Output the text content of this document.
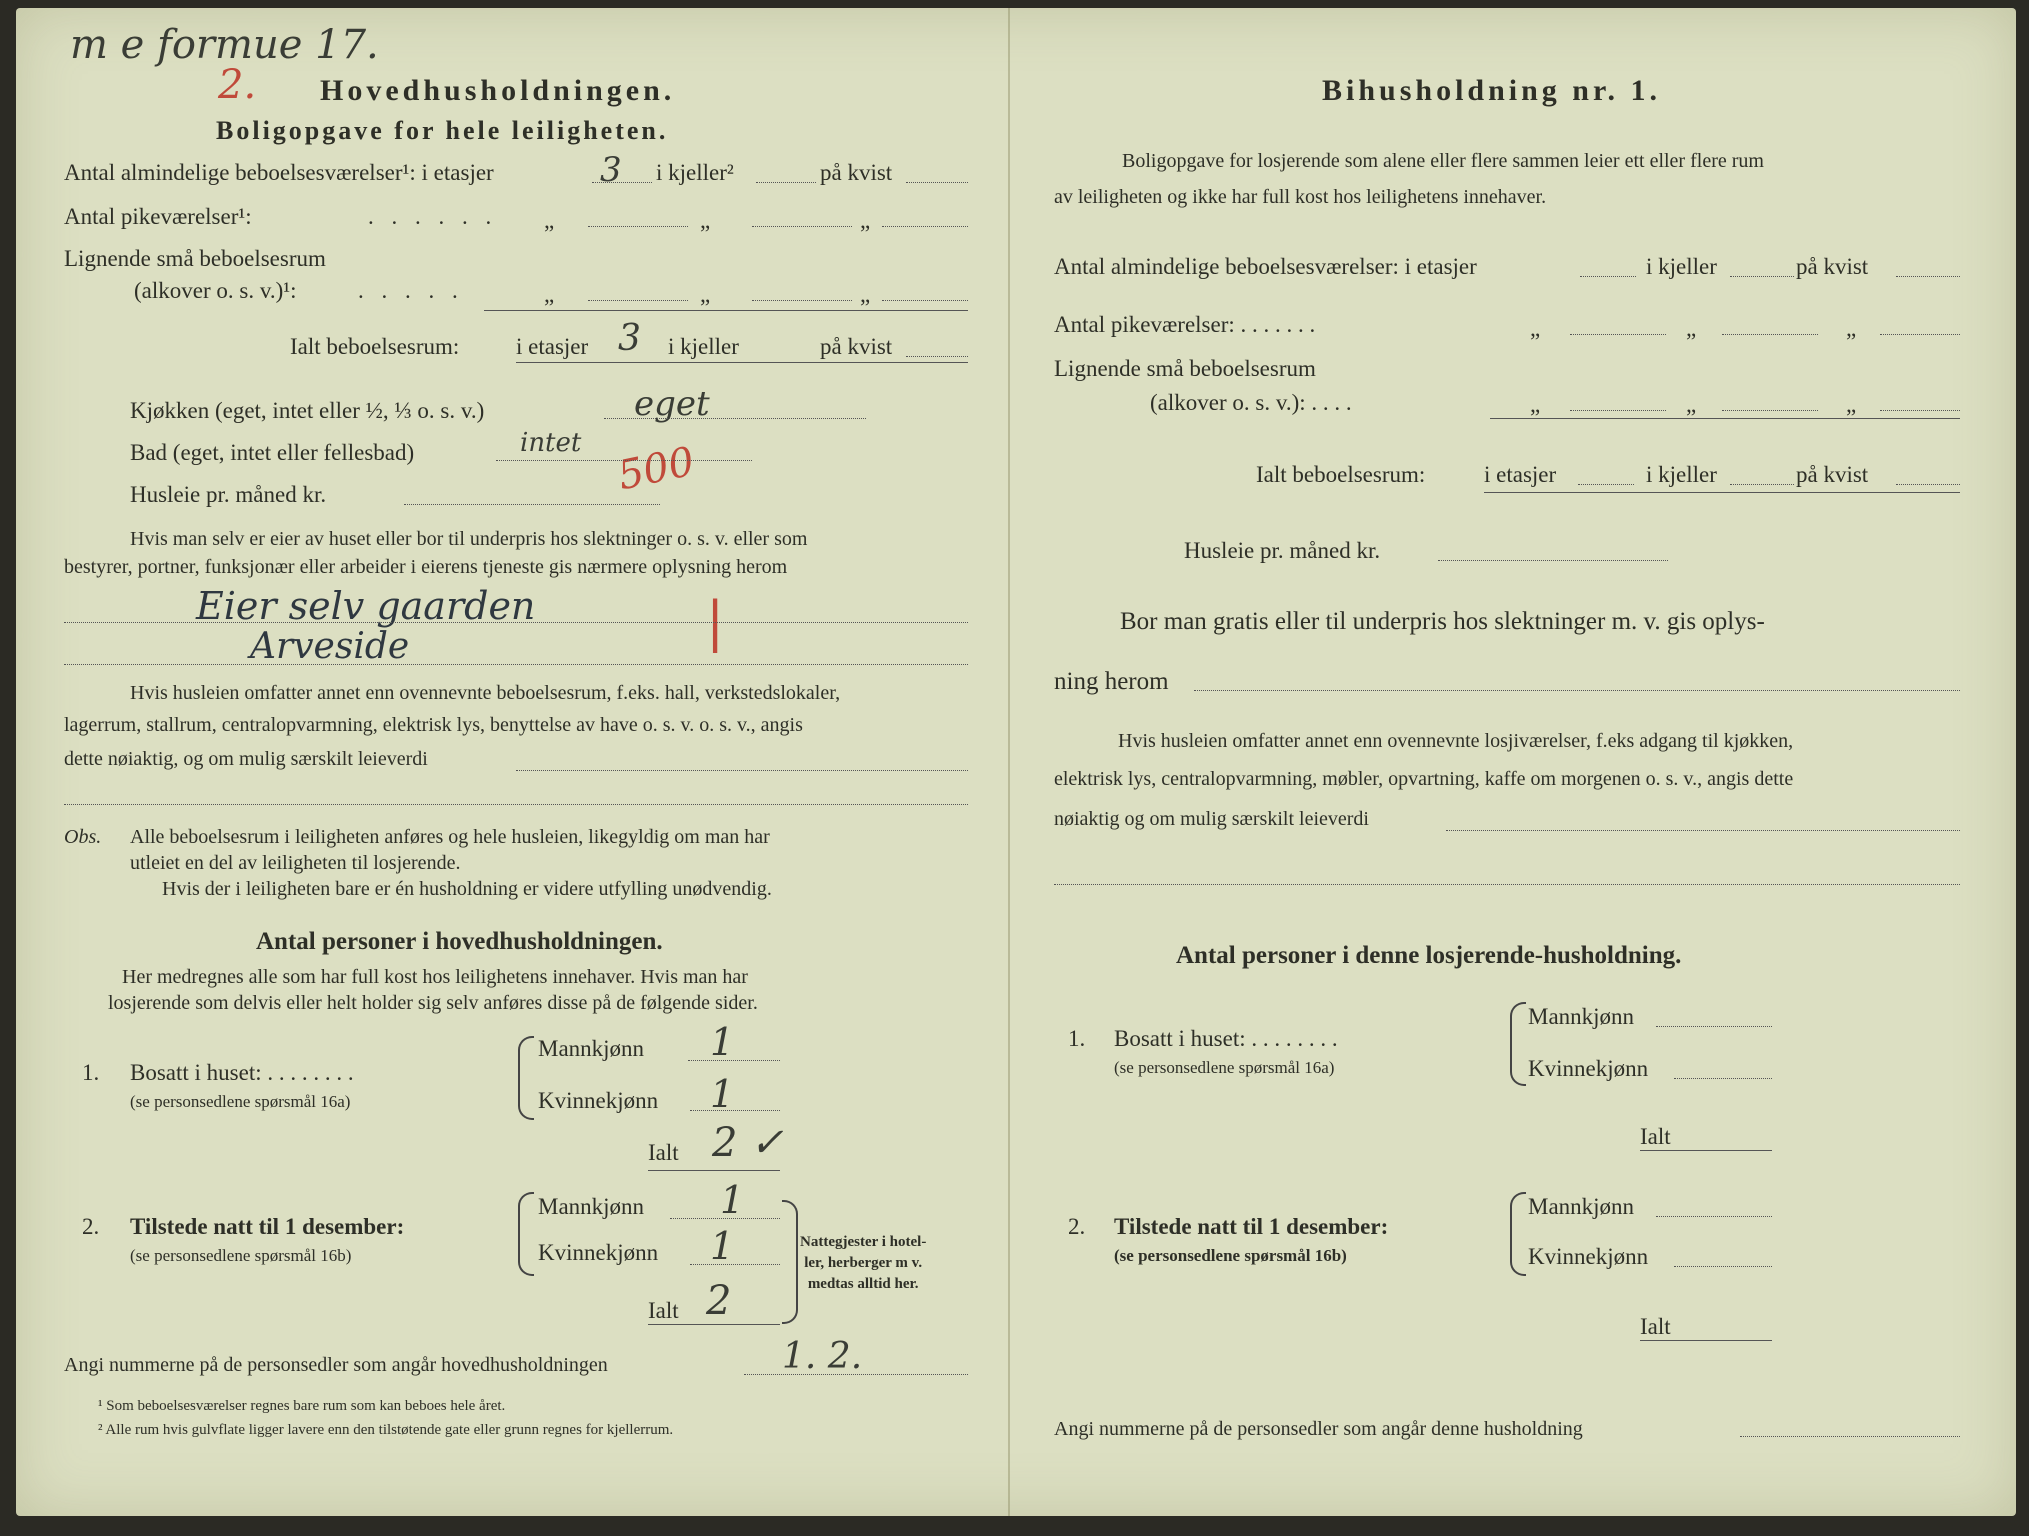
m e formue 17.
2.
500
|
Hovedhusholdningen.
Boligopgave for hele leiligheten.
Antal almindelige beboelsesværelser¹: i etasjer	3 i kjeller²	på kvist
Antal pikeværelser¹:	. . . . . . „	„	„
Lignende små beboelsesrum
(alkover o. s. v.)¹:	. . . . .	„	„	„
Ialt beboelsesrum: i etasjer 3 i kjeller	på kvist
Kjøkken (eget, intet eller ½, ⅓ o. s. v.)	eget
Bad (eget, intet eller fellesbad)	intet
Husleie pr. måned kr.
Hvis man selv er eier av huset eller bor til underpris hos slektninger o. s. v. eller som
bestyrer, portner, funksjonær eller arbeider i eierens tjeneste gis nærmere oplysning herom
Eier selv gaarden
Arveside
Hvis husleien omfatter annet enn ovennevnte beboelsesrum, f.eks. hall, verkstedslokaler,
lagerrum, stallrum, centralopvarmning, elektrisk lys, benyttelse av have o. s. v. o. s. v., angis
dette nøiaktig, og om mulig særskilt leieverdi
Obs. Alle beboelsesrum i leiligheten anføres og hele husleien, likegyldig om man har
utleiet en del av leiligheten til losjerende.
Hvis der i leiligheten bare er én husholdning er videre utfylling unødvendig.
Antal personer i hovedhusholdningen.
Her medregnes alle som har full kost hos leilighetens innehaver. Hvis man har
losjerende som delvis eller helt holder sig selv anføres disse på de følgende sider.
1. Bosatt i huset: . . . . . . . .
(se personsedlene spørsmål 16a)
Mannkjønn 1
Kvinnekjønn 1
Ialt 2 ✓
2. Tilstede natt til 1 desember:
(se personsedlene spørsmål 16b)
Mannkjønn 1
Kvinnekjønn 1
Ialt 2
Nattegjester i hotel-
ler, herberger m v.
medtas alltid her.
Angi nummerne på de personsedler som angår hovedhusholdningen	1. 2.
¹ Som beboelsesværelser regnes bare rum som kan beboes hele året.
² Alle rum hvis gulvflate ligger lavere enn den tilstøtende gate eller grunn regnes for kjellerrum.
Bihusholdning nr. 1.
Boligopgave for losjerende som alene eller flere sammen leier ett eller flere rum
av leiligheten og ikke har full kost hos leilighetens innehaver.
Antal almindelige beboelsesværelser: i etasjer	i kjeller	på kvist
Antal pikeværelser: . . . . . . .	„	„	„
Lignende små beboelsesrum
(alkover o. s. v.): . . . .	„	„	„
Ialt beboelsesrum:	i etasjer	i kjeller	på kvist
Husleie pr. måned kr.
Bor man gratis eller til underpris hos slektninger m. v. gis oplys-
ning herom
Hvis husleien omfatter annet enn ovennevnte losjiværelser, f.eks adgang til kjøkken,
elektrisk lys, centralopvarmning, møbler, opvartning, kaffe om morgenen o. s. v., angis dette
nøiaktig og om mulig særskilt leieverdi
Antal personer i denne losjerende-husholdning.
1. Bosatt i huset: . . . . . . . .
(se personsedlene spørsmål 16a)
Mannkjønn
Kvinnekjønn
Ialt
2. Tilstede natt til 1 desember:
(se personsedlene spørsmål 16b)
Mannkjønn
Kvinnekjønn
Ialt
Angi nummerne på de personsedler som angår denne husholdning
